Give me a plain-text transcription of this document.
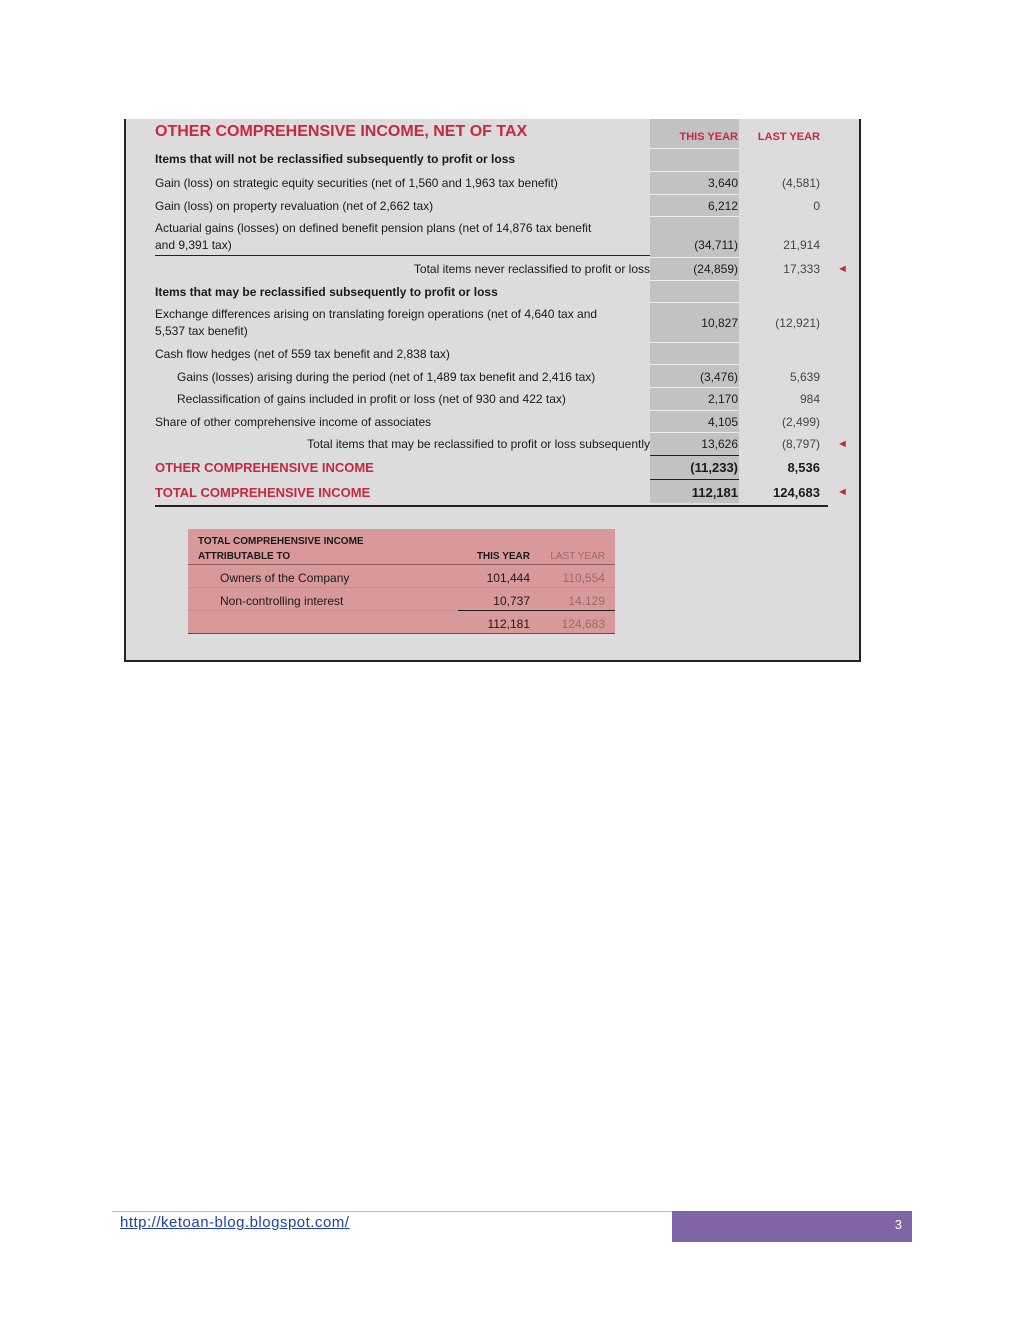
OTHER COMPREHENSIVE INCOME, NET OF TAX	THIS YEAR	LAST YEAR
Items that will not be reclassified subsequently to profit or loss
Gain (loss) on strategic equity securities (net of 1,560 and 1,963 tax benefit)	3,640	(4,581)
Gain (loss) on property revaluation (net of 2,662 tax)	6,212	0
Actuarial gains (losses) on defined benefit pension plans (net of 14,876 tax benefit
and 9,391 tax)	(34,711)	21,914
Total items never reclassified to profit or loss	(24,859)	17,333 ◄
Items that may be reclassified subsequently to profit or loss
Exchange differences arising on translating foreign operations (net of 4,640 tax and
5,537 tax benefit)
10,827	(12,921)
Cash flow hedges (net of 559 tax benefit and 2,838 tax)
Gains (losses) arising during the period (net of 1,489 tax benefit and 2,416 tax)	(3,476)	5,639
Reclassification of gains included in profit or loss (net of 930 and 422 tax)	2,170	984
Share of other comprehensive income of associates	4,105	(2,499)
Total items that may be reclassified to profit or loss subsequently	13,626	(8,797) ◄
OTHER COMPREHENSIVE INCOME	(11,233)	8,536
TOTAL COMPREHENSIVE INCOME	112,181	124,683 ◄
TOTAL COMPREHENSIVE INCOME
ATTRIBUTABLE TO	THIS YEAR	LAST YEAR
Owners of the Company	101,444	110,554
Non-controlling interest	10,737	14.129
112,181	124,683
http://ketoan-blog.blogspot.com/	3
